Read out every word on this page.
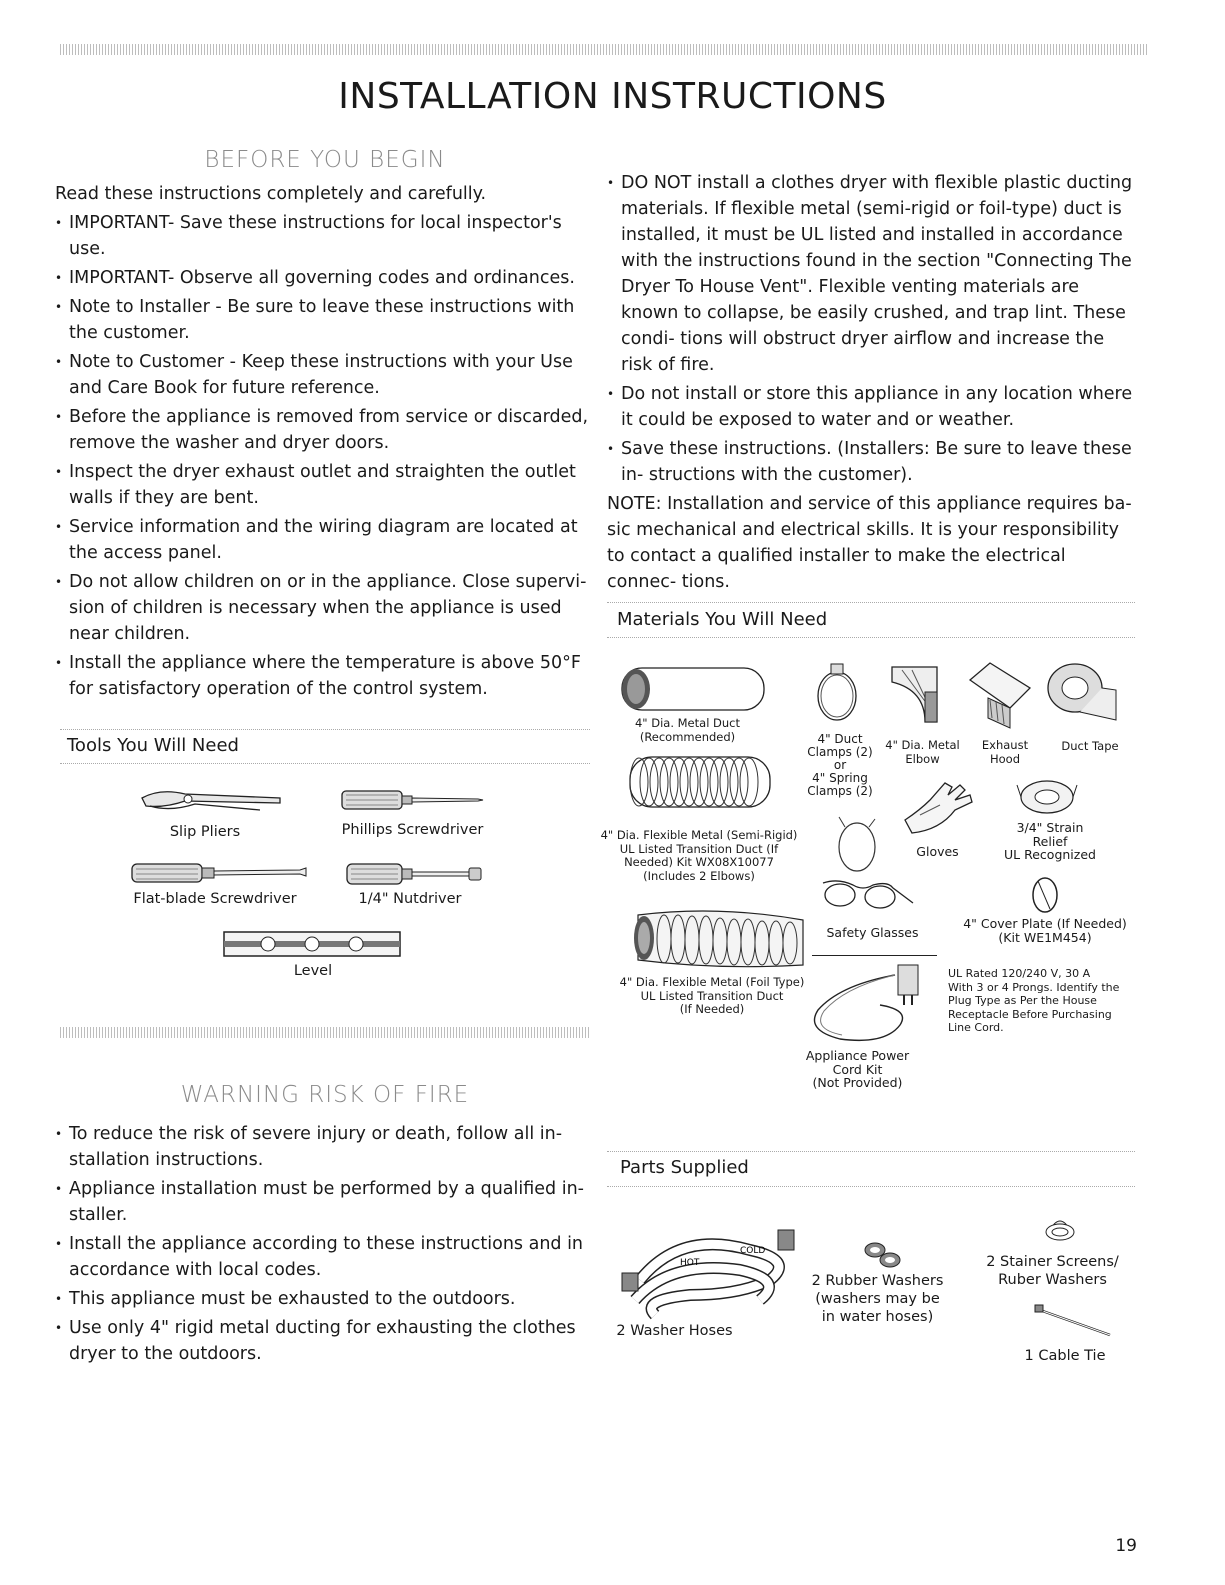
INSTALLATION INSTRUCTIONS
BEFORE YOU BEGIN
Read these instructions completely and carefully.
• IMPORTANT- Save these instructions for local inspector's use.
• IMPORTANT- Observe all governing codes and ordinances.
• Note to Installer - Be sure to leave these instructions with the customer.
• Note to Customer - Keep these instructions with your Use and Care Book for future reference.
• Before the appliance is removed from service or discarded, remove the washer and dryer doors.
• Inspect the dryer exhaust outlet and straighten the outlet walls if they are bent.
• Service information and the wiring diagram are located at the access panel.
• Do not allow children on or in the appliance. Close supervi- sion of children is necessary when the appliance is used near children.
• Install the appliance where the temperature is above 50°F for satisfactory operation of the control system.
Tools You Will Need
Slip Pliers	Phillips Screwdriver
Flat-blade Screwdriver	1/4" Nutdriver
Level
WARNING RISK OF FIRE
• To reduce the risk of severe injury or death, follow all in- stallation instructions.
• Appliance installation must be performed by a qualified in- staller.
• Install the appliance according to these instructions and in accordance with local codes.
• This appliance must be exhausted to the outdoors.
• Use only 4" rigid metal ducting for exhausting the clothes dryer to the outdoors.
• DO NOT install a clothes dryer with flexible plastic ducting materials. If flexible metal (semi-rigid or foil-type) duct is installed, it must be UL listed and installed in accordance with the instructions found in the section "Connecting The Dryer To House Vent". Flexible venting materials are known to collapse, be easily crushed, and trap lint. These condi- tions will obstruct dryer airflow and increase the risk of fire.
• Do not install or store this appliance in any location where it could be exposed to water and or weather.
• Save these instructions. (Installers: Be sure to leave these in- structions with the customer).
NOTE: Installation and service of this appliance requires ba- sic mechanical and electrical skills. It is your responsibility to contact a qualified installer to make the electrical connec- tions.
Materials You Will Need
4" Dia. Metal Duct
(Recommended)	4" Duct
Clamps (2)
or
4" Spring
Clamps (2)
4" Dia. Metal
Elbow
Exhaust
Hood
Duct Tape
4" Dia. Flexible Metal (Semi-Rigid)
UL Listed Transition Duct (If
Needed) Kit WX08X10077
(Includes 2 Elbows)
Gloves
3/4" Strain
Relief
UL Recognized
Safety Glasses
4" Cover Plate (If Needed)
(Kit WE1M454)
4" Dia. Flexible Metal (Foil Type)
UL Listed Transition Duct
(If Needed)
UL Rated 120/240 V, 30 A
With 3 or 4 Prongs. Identify the
Plug Type as Per the House
Receptacle Before Purchasing
Line Cord.
Appliance Power
Cord Kit
(Not Provided)
Parts Supplied
HOT
COLD
2 Washer Hoses
2 Rubber Washers
(washers may be
in water hoses)
2 Stainer Screens/
Ruber Washers
1 Cable Tie
19
